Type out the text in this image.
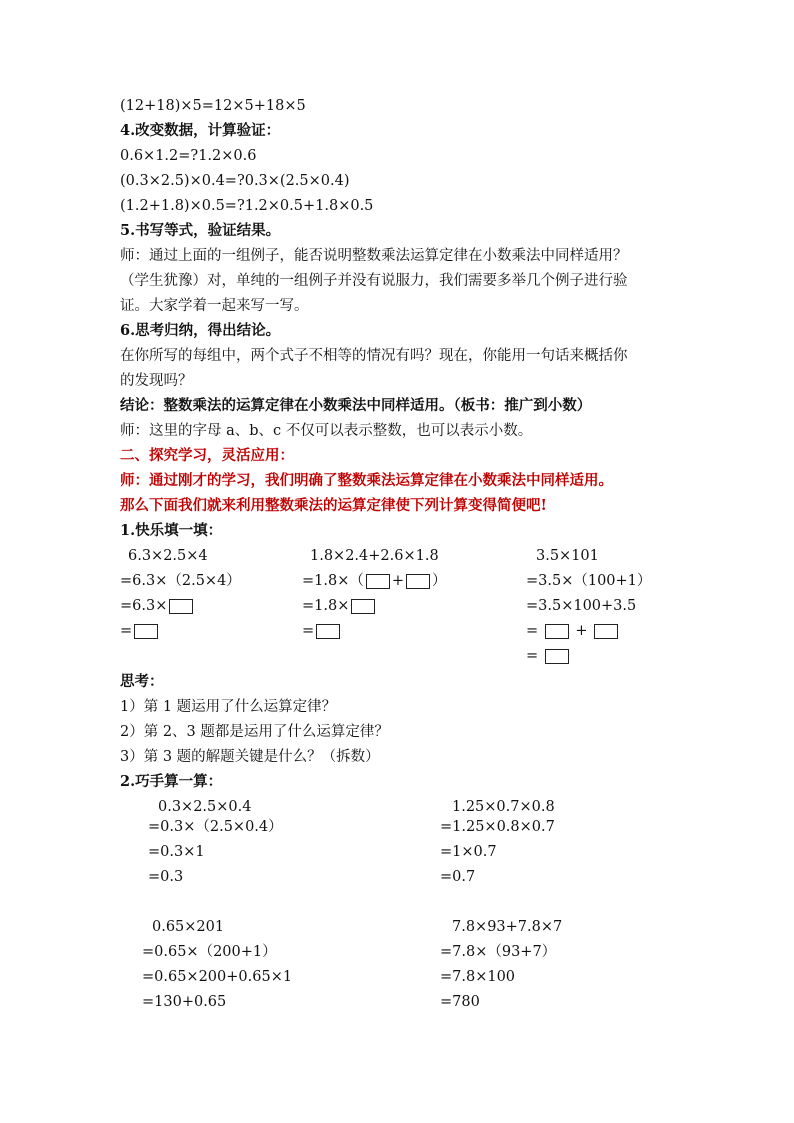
(12+18)×5=12×5+18×5
4.改变数据，计算验证：
0.6×1.2=?1.2×0.6
(0.3×2.5)×0.4=?0.3×(2.5×0.4)
(1.2+1.8)×0.5=?1.2×0.5+1.8×0.5
5.书写等式，验证结果。
师：通过上面的一组例子，能否说明整数乘法运算定律在小数乘法中同样适用？
（学生犹豫）对，单纯的一组例子并没有说服力，我们需要多举几个例子进行验
证。大家学着一起来写一写。
6.思考归纳，得出结论。
在你所写的每组中，两个式子不相等的情况有吗？现在，你能用一句话来概括你
的发现吗？
结论：整数乘法的运算定律在小数乘法中同样适用。（板书：推广到小数）
师：这里的字母 a、b、c 不仅可以表示整数，也可以表示小数。
二、探究学习，灵活应用：
师：通过刚才的学习，我们明确了整数乘法运算定律在小数乘法中同样适用。
那么下面我们就来利用整数乘法的运算定律使下列计算变得简便吧!
1.快乐填一填：
6.3×2.5×4
=6.3×（2.5×4）
=6.3×
=
1.8×2.4+2.6×1.8
=1.8×（ + ）
=1.8×
=
3.5×101
=3.5×（100+1）
=3.5×100+3.5
=	+
=
思考：
1）第 1 题运用了什么运算定律？
2）第 2、3 题都是运用了什么运算定律？
3）第 3 题的解题关键是什么？（拆数）
2.巧手算一算：
0.3×2.5×0.4
=0.3×（2.5×0.4）
=0.3×1
=0.3
1.25×0.7×0.8
=1.25×0.8×0.7
=1×0.7
=0.7
0.65×201
=0.65×（200+1）
=0.65×200+0.65×1
=130+0.65
7.8×93+7.8×7
=7.8×（93+7）
=7.8×100
=780
